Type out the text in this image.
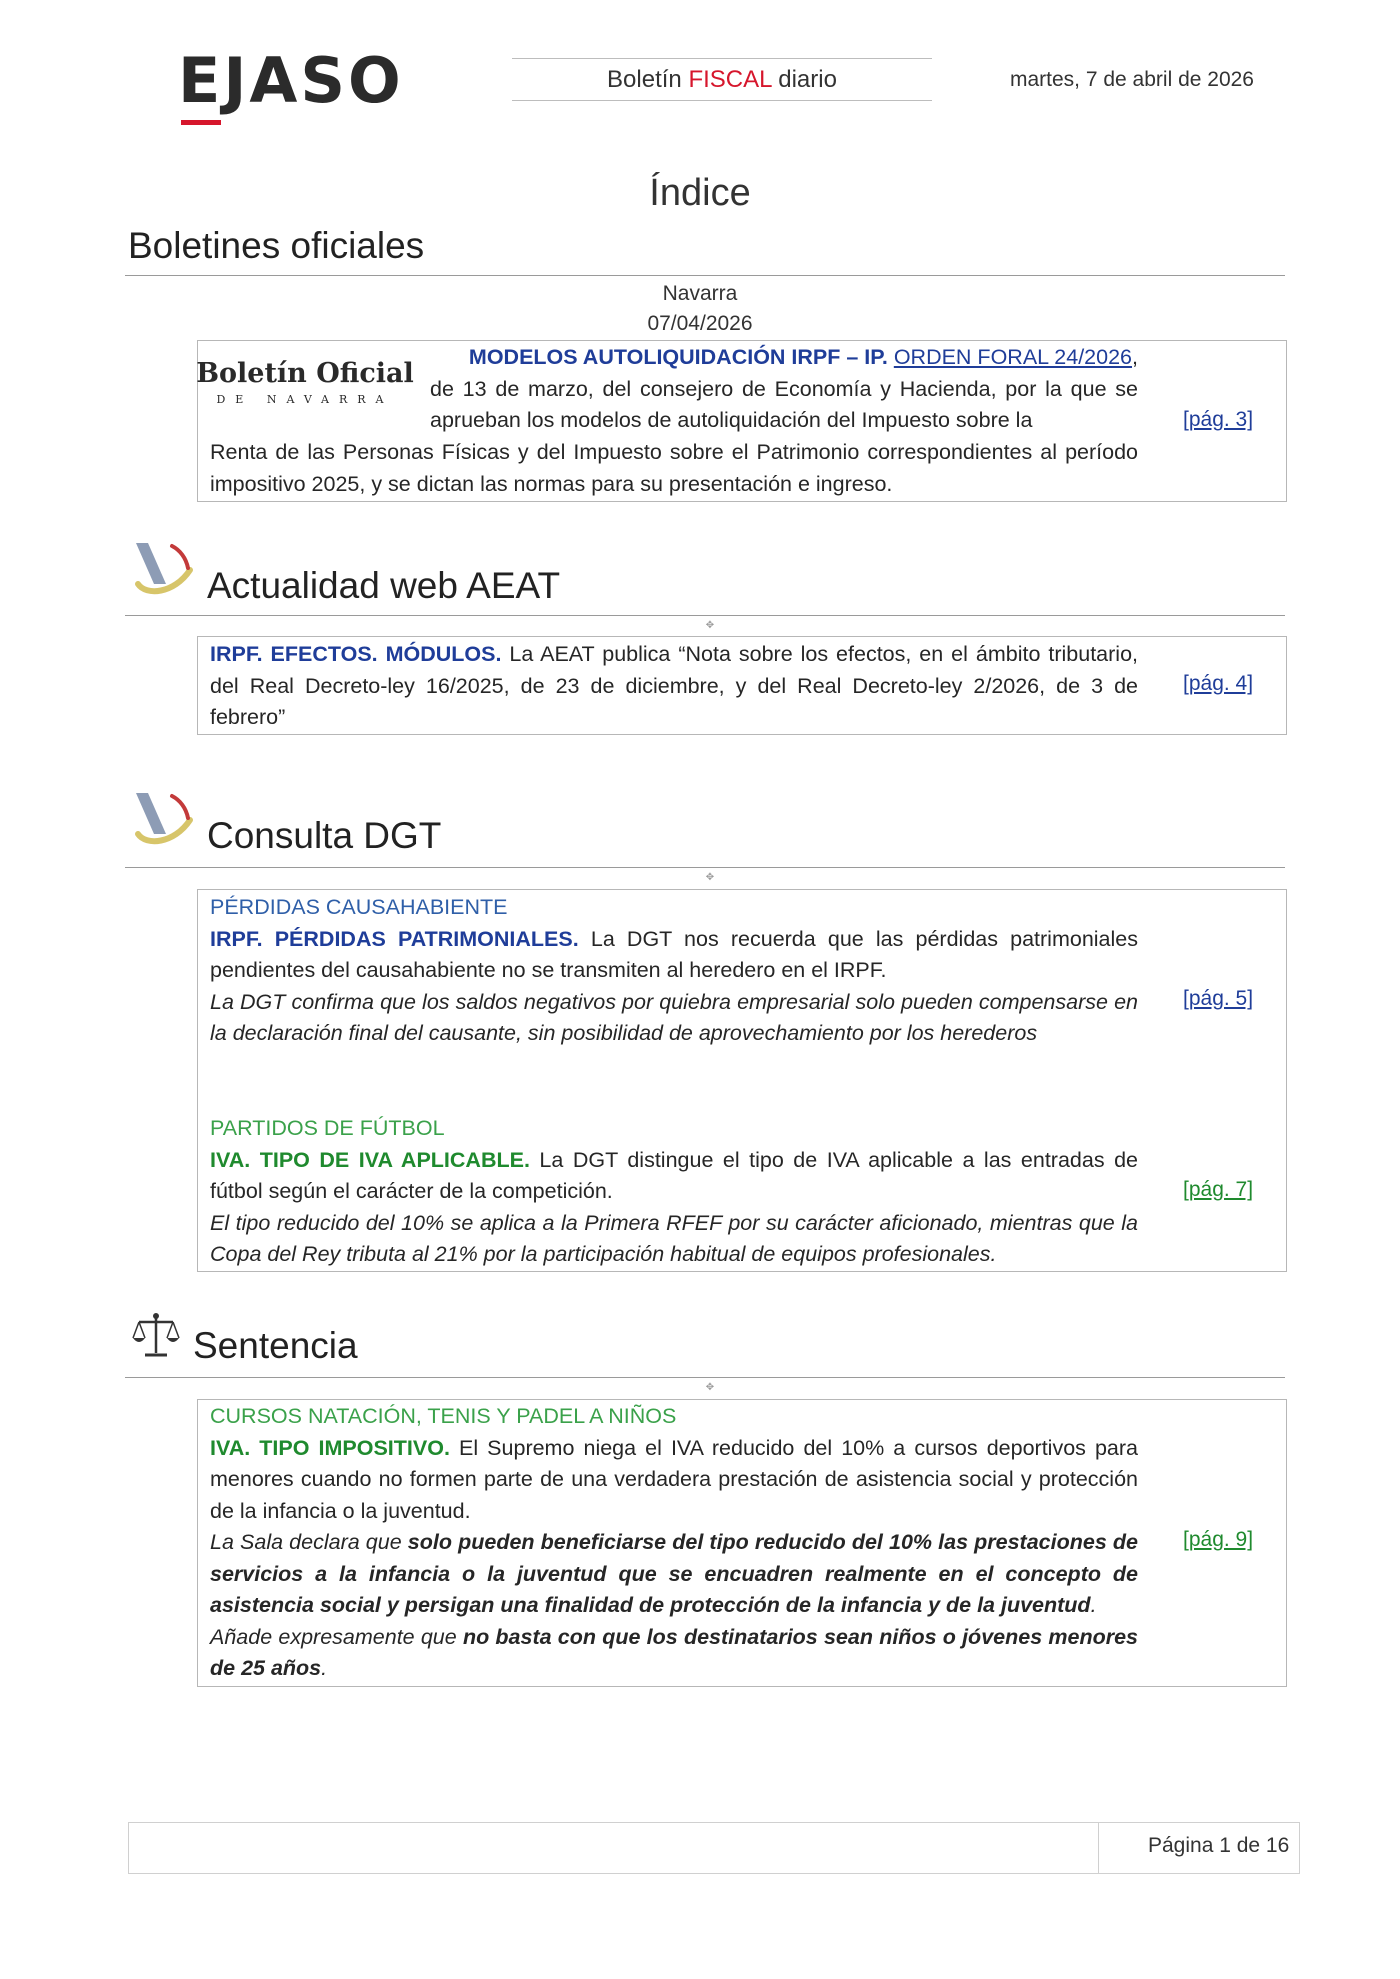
EJASO	Boletín FISCAL diario	martes, 7 de abril de 2026
Índice
Boletines oficiales
Navarra
07/04/2026
Boletín Oficial
DE NAVARRA
MODELOS AUTOLIQUIDACIÓN IRPF – IP. ORDEN FORAL 24/2026,
de 13 de marzo, del consejero de Economía y Hacienda, por la que se aprueban los modelos de autoliquidación del Impuesto sobre la
Renta de las Personas Físicas y del Impuesto sobre el Patrimonio correspondientes al período impositivo 2025, y se dictan las normas para su presentación e ingreso.
[pág. 3]
Actualidad web AEAT
✥
IRPF. EFECTOS. MÓDULOS. La AEAT publica “Nota sobre los efectos, en el ámbito tributario, del Real Decreto-ley 16/2025, de 23 de diciembre, y del Real Decreto-ley 2/2026, de 3 de febrero”
[pág. 4]
Consulta DGT
✥
PÉRDIDAS CAUSAHABIENTE
IRPF. PÉRDIDAS PATRIMONIALES. La DGT nos recuerda que las pérdidas patrimoniales pendientes del causahabiente no se transmiten al heredero en el IRPF.
La DGT confirma que los saldos negativos por quiebra empresarial solo pueden compensarse en la declaración final del causante, sin posibilidad de aprovechamiento por los herederos
[pág. 5]
PARTIDOS DE FÚTBOL
IVA. TIPO DE IVA APLICABLE. La DGT distingue el tipo de IVA aplicable a las entradas de fútbol según el carácter de la competición.
El tipo reducido del 10% se aplica a la Primera RFEF por su carácter aficionado, mientras que la Copa del Rey tributa al 21% por la participación habitual de equipos profesionales.
[pág. 7]
Sentencia
✥
CURSOS NATACIÓN, TENIS Y PADEL A NIÑOS
IVA. TIPO IMPOSITIVO. El Supremo niega el IVA reducido del 10% a cursos deportivos para menores cuando no formen parte de una verdadera prestación de asistencia social y protección de la infancia o la juventud.
La Sala declara que solo pueden beneficiarse del tipo reducido del 10% las prestaciones de servicios a la infancia o la juventud que se encuadren realmente en el concepto de asistencia social y persigan una finalidad de protección de la infancia y de la juventud.
Añade expresamente que no basta con que los destinatarios sean niños o jóvenes menores de 25 años.
[pág. 9]
Página 1 de 16
